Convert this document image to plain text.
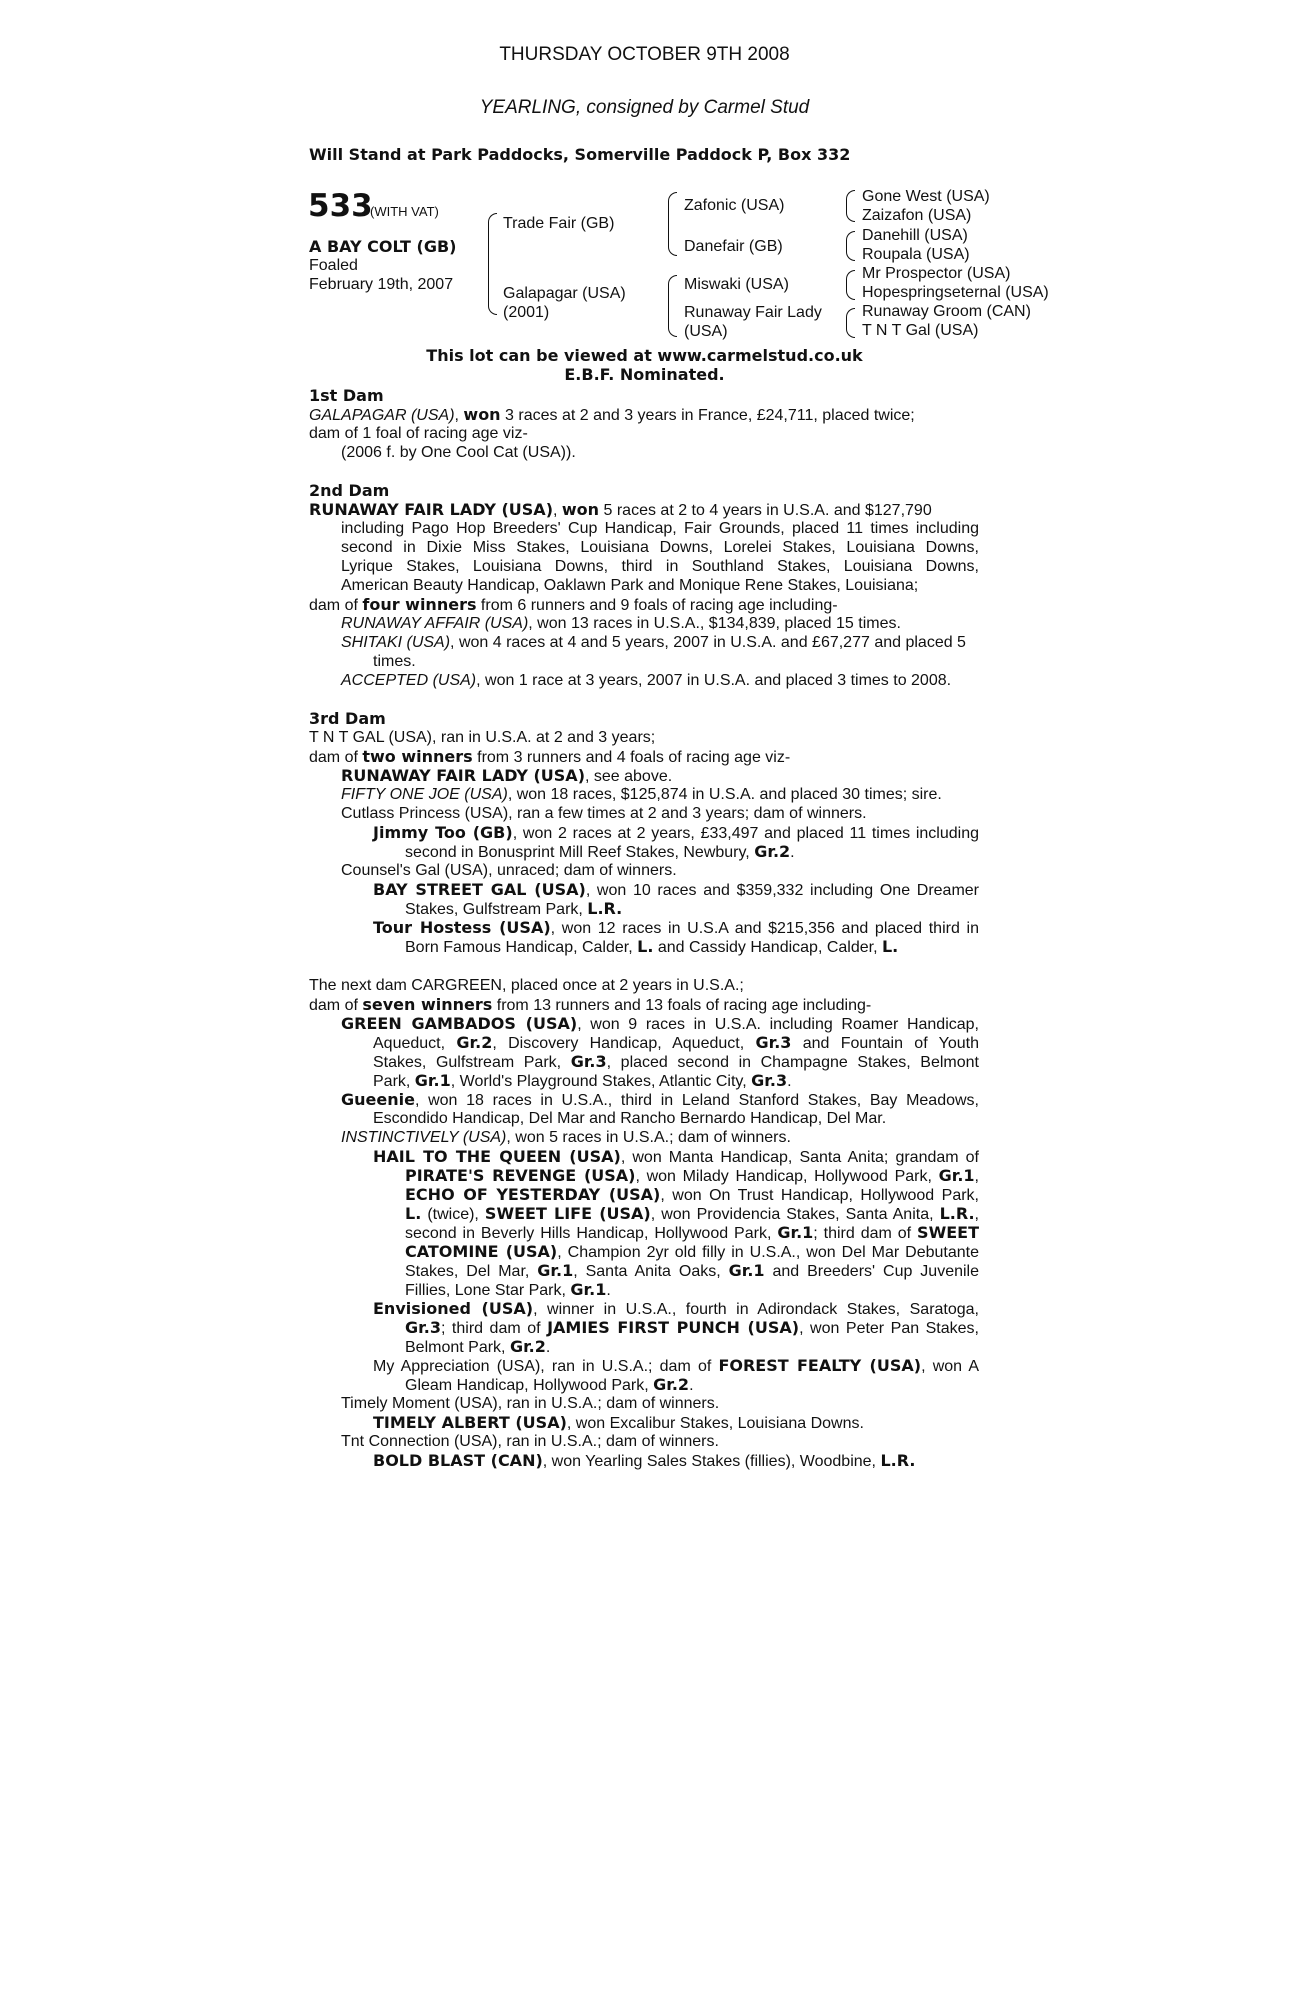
THURSDAY OCTOBER 9TH 2008
YEARLING, consigned by Carmel Stud
Will Stand at Park Paddocks, Somerville Paddock P, Box 332
533
(WITH VAT)
A BAY COLT (GB)
Foaled
February 19th, 2007
Trade Fair (GB)
Galapagar (USA)
(2001)
Zafonic (USA)
Danefair (GB)
Miswaki (USA)
Runaway Fair Lady
(USA)
Gone West (USA)
Zaizafon (USA)
Danehill (USA)
Roupala (USA)
Mr Prospector (USA)
Hopespringseternal (USA)
Runaway Groom (CAN)
T N T Gal (USA)
This lot can be viewed at www.carmelstud.co.uk
E.B.F. Nominated.
1st Dam
GALAPAGAR (USA), won 3 races at 2 and 3 years in France, £24,711, placed twice;
dam of 1 foal of racing age viz-
(2006 f. by One Cool Cat (USA)).
2nd Dam
RUNAWAY FAIR LADY (USA), won 5 races at 2 to 4 years in U.S.A. and $127,790
including Pago Hop Breeders' Cup Handicap, Fair Grounds, placed 11 times including
second in Dixie Miss Stakes, Louisiana Downs, Lorelei Stakes, Louisiana Downs,
Lyrique Stakes, Louisiana Downs, third in Southland Stakes, Louisiana Downs,
American Beauty Handicap, Oaklawn Park and Monique Rene Stakes, Louisiana;
dam of four winners from 6 runners and 9 foals of racing age including-
RUNAWAY AFFAIR (USA), won 13 races in U.S.A., $134,839, placed 15 times.
SHITAKI (USA), won 4 races at 4 and 5 years, 2007 in U.S.A. and £67,277 and placed 5
times.
ACCEPTED (USA), won 1 race at 3 years, 2007 in U.S.A. and placed 3 times to 2008.
3rd Dam
T N T GAL (USA), ran in U.S.A. at 2 and 3 years;
dam of two winners from 3 runners and 4 foals of racing age viz-
RUNAWAY FAIR LADY (USA), see above.
FIFTY ONE JOE (USA), won 18 races, $125,874 in U.S.A. and placed 30 times; sire.
Cutlass Princess (USA), ran a few times at 2 and 3 years; dam of winners.
Jimmy Too (GB), won 2 races at 2 years, £33,497 and placed 11 times including
second in Bonusprint Mill Reef Stakes, Newbury, Gr.2.
Counsel's Gal (USA), unraced; dam of winners.
BAY STREET GAL (USA), won 10 races and $359,332 including One Dreamer
Stakes, Gulfstream Park, L.R.
Tour Hostess (USA), won 12 races in U.S.A and $215,356 and placed third in
Born Famous Handicap, Calder, L. and Cassidy Handicap, Calder, L.
The next dam CARGREEN, placed once at 2 years in U.S.A.;
dam of seven winners from 13 runners and 13 foals of racing age including-
GREEN GAMBADOS (USA), won 9 races in U.S.A. including Roamer Handicap,
Aqueduct, Gr.2, Discovery Handicap, Aqueduct, Gr.3 and Fountain of Youth
Stakes, Gulfstream Park, Gr.3, placed second in Champagne Stakes, Belmont
Park, Gr.1, World's Playground Stakes, Atlantic City, Gr.3.
Gueenie, won 18 races in U.S.A., third in Leland Stanford Stakes, Bay Meadows,
Escondido Handicap, Del Mar and Rancho Bernardo Handicap, Del Mar.
INSTINCTIVELY (USA), won 5 races in U.S.A.; dam of winners.
HAIL TO THE QUEEN (USA), won Manta Handicap, Santa Anita; grandam of
PIRATE'S REVENGE (USA), won Milady Handicap, Hollywood Park, Gr.1,
ECHO OF YESTERDAY (USA), won On Trust Handicap, Hollywood Park,
L. (twice), SWEET LIFE (USA), won Providencia Stakes, Santa Anita, L.R.,
second in Beverly Hills Handicap, Hollywood Park, Gr.1; third dam of SWEET
CATOMINE (USA), Champion 2yr old filly in U.S.A., won Del Mar Debutante
Stakes, Del Mar, Gr.1, Santa Anita Oaks, Gr.1 and Breeders' Cup Juvenile
Fillies, Lone Star Park, Gr.1.
Envisioned (USA), winner in U.S.A., fourth in Adirondack Stakes, Saratoga,
Gr.3; third dam of JAMIES FIRST PUNCH (USA), won Peter Pan Stakes,
Belmont Park, Gr.2.
My Appreciation (USA), ran in U.S.A.; dam of FOREST FEALTY (USA), won A
Gleam Handicap, Hollywood Park, Gr.2.
Timely Moment (USA), ran in U.S.A.; dam of winners.
TIMELY ALBERT (USA), won Excalibur Stakes, Louisiana Downs.
Tnt Connection (USA), ran in U.S.A.; dam of winners.
BOLD BLAST (CAN), won Yearling Sales Stakes (fillies), Woodbine, L.R.
